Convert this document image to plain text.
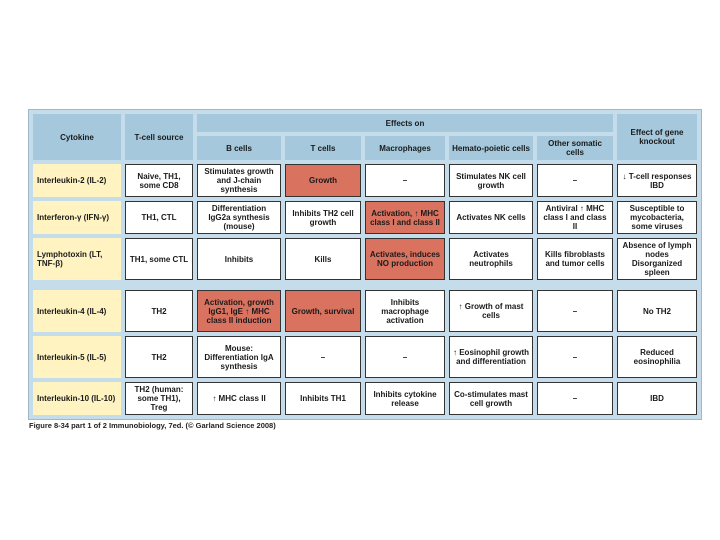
Cytokine	T-cell source	Effects on					Effect of gene knockout
		B cells	T cells	Macrophages	Hemato-poietic cells	Other somatic cells	
Interleukin-2 (IL-2)	Naive, TH1, some CD8	Stimulates growth and J-chain synthesis	Growth	–	Stimulates NK cell growth	–	↓ T-cell responses IBD
Interferon-γ (IFN-γ)	TH1, CTL	Differentiation IgG2a synthesis (mouse)	Inhibits TH2 cell growth	Activation, ↑ MHC class I and class II	Activates NK cells	Antiviral ↑ MHC class I and class II	Susceptible to mycobacteria, some viruses
Lymphotoxin (LT, TNF-β)	TH1, some CTL	Inhibits	Kills	Activates, induces NO production	Activates neutrophils	Kills fibroblasts and tumor cells	Absence of lymph nodes Disorganized spleen

Interleukin-4 (IL-4)	TH2	Activation, growth IgG1, IgE ↑ MHC class II induction	Growth, survival	Inhibits macrophage activation	↑ Growth of mast cells	–	No TH2
Interleukin-5 (IL-5)	TH2	Mouse: Differentiation IgA synthesis	–	–	↑ Eosinophil growth and differentiation	–	Reduced eosinophilia
Interleukin-10 (IL-10)	TH2 (human: some TH1), Treg	↑ MHC class II	Inhibits TH1	Inhibits cytokine release	Co-stimulates mast cell growth	–	IBD
Figure 8-34 part 1 of 2 Immunobiology, 7ed. (© Garland Science 2008)
